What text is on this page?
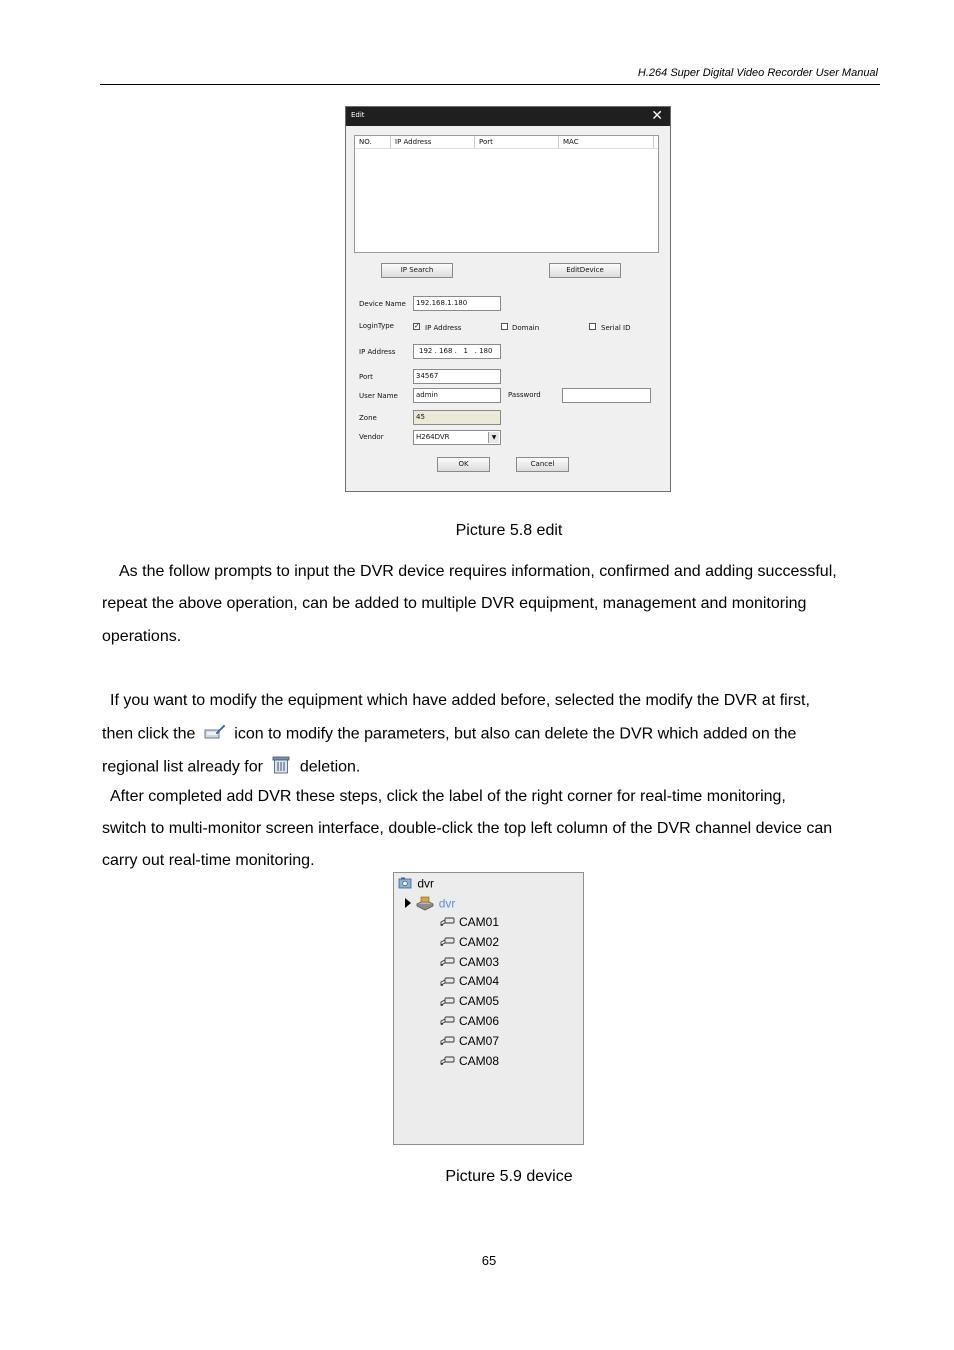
H.264 Super Digital Video Recorder User Manual
Edit	✕
NO.	IP Address	Port	MAC
IP Search	EditDevice
Device Name	192.168.1.180
LoginType	✓ IP Address	Domain	Serial ID
IP Address	192 . 168 .   1   . 180
Port	34567
User Name	admin	Password
Zone	45
Vendor	H264DVR	▼
OK	Cancel
Picture 5.8 edit
As the follow prompts to input the DVR device requires information, confirmed and adding successful,
repeat the above operation, can be added to multiple DVR equipment, management and monitoring
operations.
If you want to modify the equipment which have added before, selected the modify the DVR at first,
then click the icon to modify the parameters, but also can delete the DVR which added on the
regional list already for deletion.
After completed add DVR these steps, click the label of the right corner for real-time monitoring,
switch to multi-monitor screen interface, double-click the top left column of the DVR channel device can
carry out real-time monitoring.
dvr
dvr
CAM01
CAM02
CAM03
CAM04
CAM05
CAM06
CAM07
CAM08
Picture 5.9 device
65
